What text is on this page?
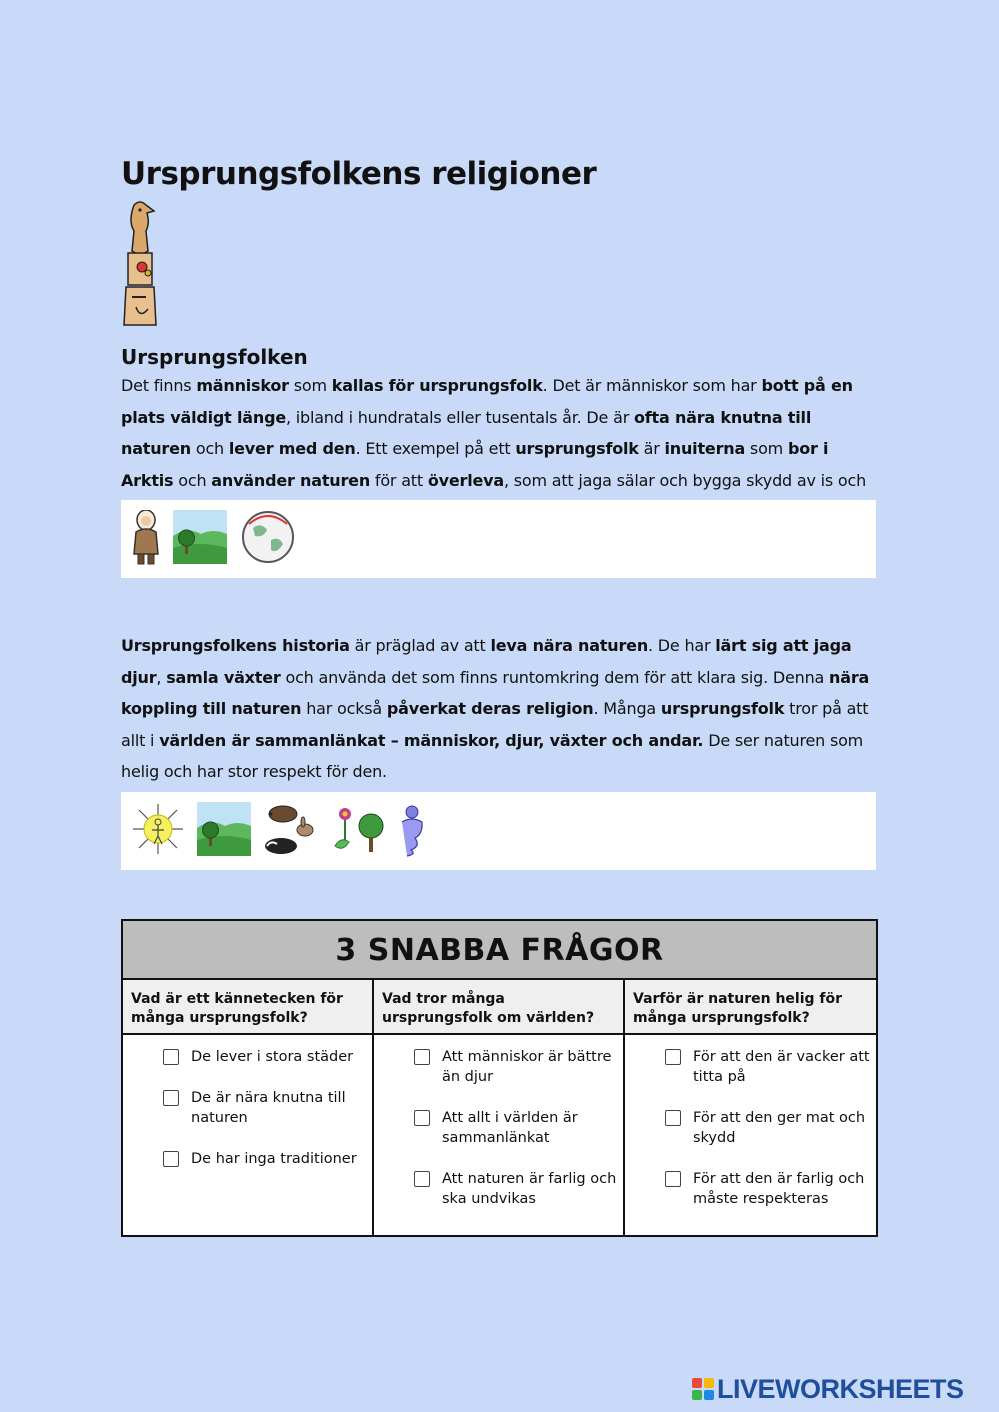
Ursprungsfolkens religioner
Ursprungsfolken

Det finns människor som kallas för ursprungsfolk. Det är människor som har bott på en plats väldigt länge, ibland i hundratals eller tusentals år. De är ofta nära knutna till naturen och lever med den. Ett exempel på ett ursprungsfolk är inuiterna som bor i Arktis och använder naturen för att överleva, som att jaga sälar och bygga skydd av is och

Ursprungsfolkens historia är präglad av att leva nära naturen. De har lärt sig att jaga djur, samla växter och använda det som finns runtomkring dem för att klara sig. Denna nära koppling till naturen har också påverkat deras religion. Många ursprungsfolk tror på att allt i världen är sammanlänkat – människor, djur, växter och andar. De ser naturen som helig och har stor respekt för den.

3 SNABBA FRÅGOR
Vad är ett kännetecken för många ursprungsfolk?
De lever i stora städer
De är nära knutna till naturen
De har inga traditioner
Vad tror många ursprungsfolk om världen?
Att människor är bättre än djur
Att allt i världen är sammanlänkat
Att naturen är farlig och ska undvikas
Varför är naturen helig för många ursprungsfolk?
För att den är vacker att titta på
För att den ger mat och skydd
För att den är farlig och måste respekteras
LIVEWORKSHEETS
